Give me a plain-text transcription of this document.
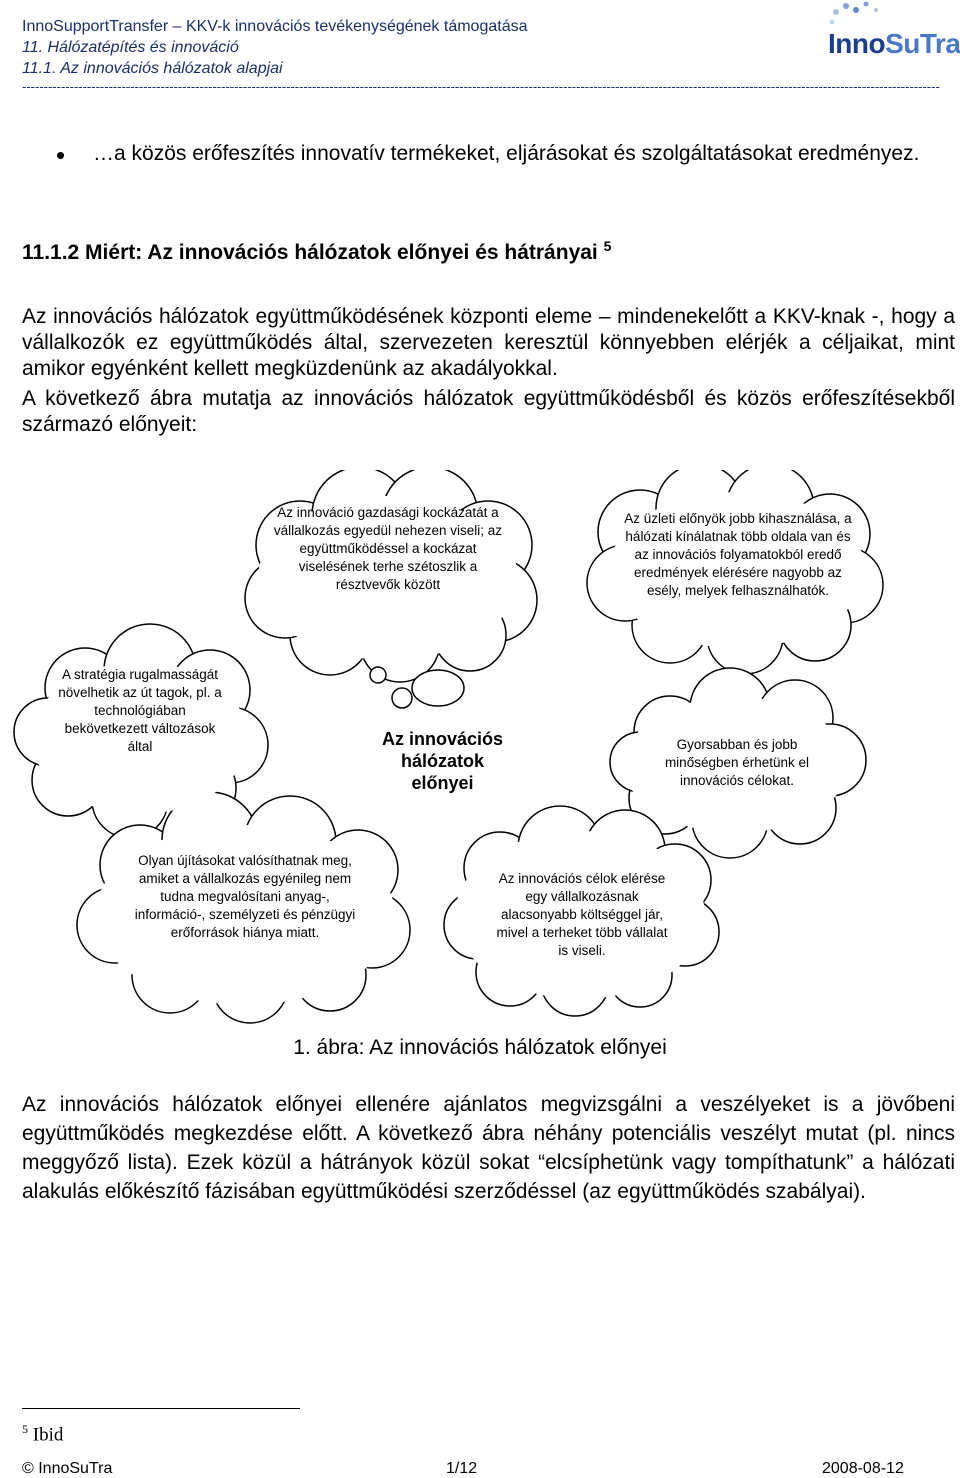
InnoSupportTransfer – KKV-k innovációs tevékenységének támogatása
11. Hálózatépítés és innováció
11.1. Az innovációs hálózatok alapjai
--------------------------------------------------------------------------------------------------------------------------------------------------------------------------------------------------------------------
InnoSuTra
…a közös erőfeszítés innovatív termékeket, eljárásokat és szolgáltatásokat eredményez.
11.1.2 Miért: Az innovációs hálózatok előnyei és hátrányai $^5$
Az innovációs hálózatok együttműködésének központi eleme – mindenekelőtt a KKV-knak -, hogy a vállalkozók ez együttműködés által, szervezeten keresztül könnyebben elérjék a céljaikat, mint amikor egyénként kellett megküzdenünk az akadályokkal.
A következő ábra mutatja az innovációs hálózatok együttműködésből és közös erőfeszítésekből származó előnyeit:
Az innováció gazdasági kockázatát a vállalkozás egyedül nehezen viseli; az együttműködéssel a kockázat viselésének terhe szétoszlik a résztvevők között
Az üzleti előnyök jobb kihasználása, a hálózati kínálatnak több oldala van és az innovációs folyamatokból eredő eredmények elérésére nagyobb az esély, melyek felhasználhatók.
A stratégia rugalmasságát növelhetik az út tagok, pl. a technológiában bekövetkezett változások által	Az innovációs hálózatok előnyei
Gyorsabban és jobb minőségben érhetünk el innovációs célokat.
Olyan újításokat valósíthatnak meg, amiket a vállalkozás egyénileg nem tudna megvalósítani anyag-, információ-, személyzeti és pénzügyi erőforrások hiánya miatt.
Az innovációs célok elérése egy vállalkozásnak alacsonyabb költséggel jár, mivel a terheket több vállalat is viseli.
1. ábra: Az innovációs hálózatok előnyei
Az innovációs hálózatok előnyei ellenére ajánlatos megvizsgálni a veszélyeket is a jövőbeni együttműködés megkezdése előtt. A következő ábra néhány potenciális veszélyt mutat (pl. nincs meggyőző lista). Ezek közül a hátrányok közül sokat “elcsíphetünk vagy tompíthatunk” a hálózati alakulás előkészítő fázisában együttműködési szerződéssel (az együttműködés szabályai).
$^5$ Ibid
© InnoSuTra	1/12	2008-08-12
